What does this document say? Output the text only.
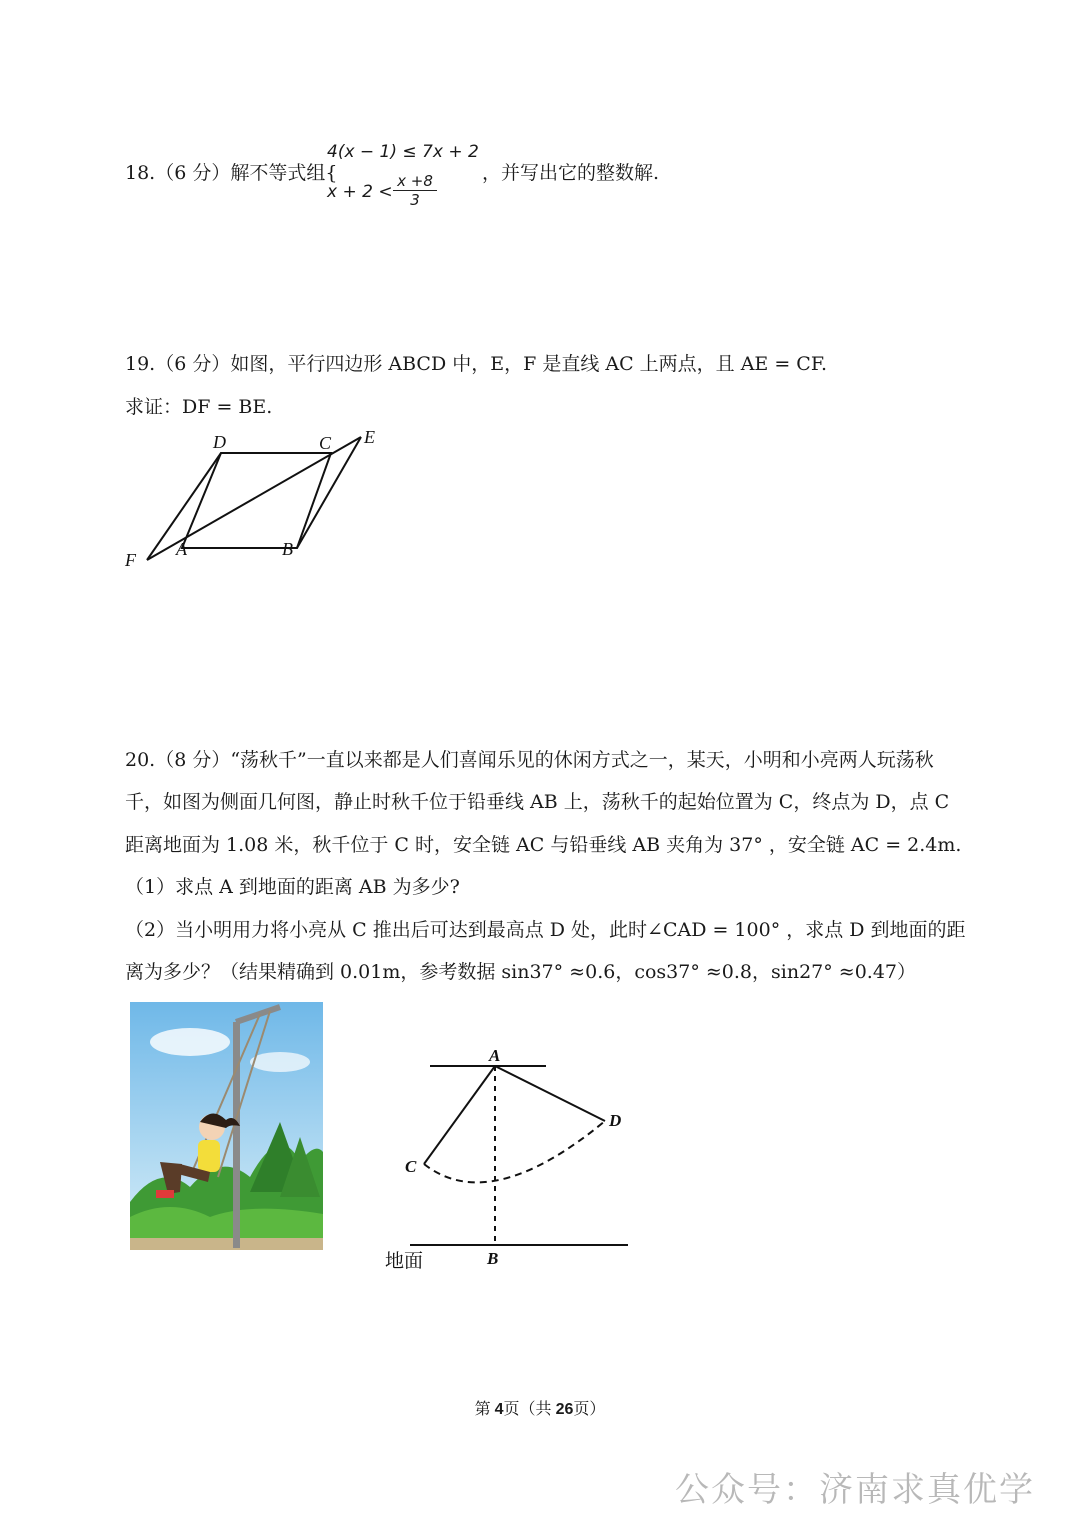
18.（6 分）解不等式组{
4(x − 1) ≤ 7x + 2
$x + 2 < \frac{x +8}{3}$ ，并写出它的整数解.
19.（6 分）如图，平行四边形 ABCD 中，E，F 是直线 AC 上两点，且 AE = CF.
求证：DF = BE.
D	C E
F
A	B
20.（8 分）“荡秋千”一直以来都是人们喜闻乐见的休闲方式之一，某天，小明和小亮两人玩荡秋
千，如图为侧面几何图，静止时秋千位于铅垂线 AB 上，荡秋千的起始位置为 C，终点为 D，点 C
距离地面为 1.08 米，秋千位于 C 时，安全链 AC 与铅垂线 AB 夹角为 37° ，安全链 AC = 2.4m.
（1）求点 A 到地面的距离 AB 为多少?
（2）当小明用力将小亮从 C 推出后可达到最高点 D 处，此时∠CAD = 100° ，求点 D 到地面的距
离为多少？（结果精确到 0.01m，参考数据 sin37° ≈0.6，cos37° ≈0.8，sin27° ≈0.47）
A
D
C
B
地面
第 4页（共 26页）
公众号：济南求真优学
